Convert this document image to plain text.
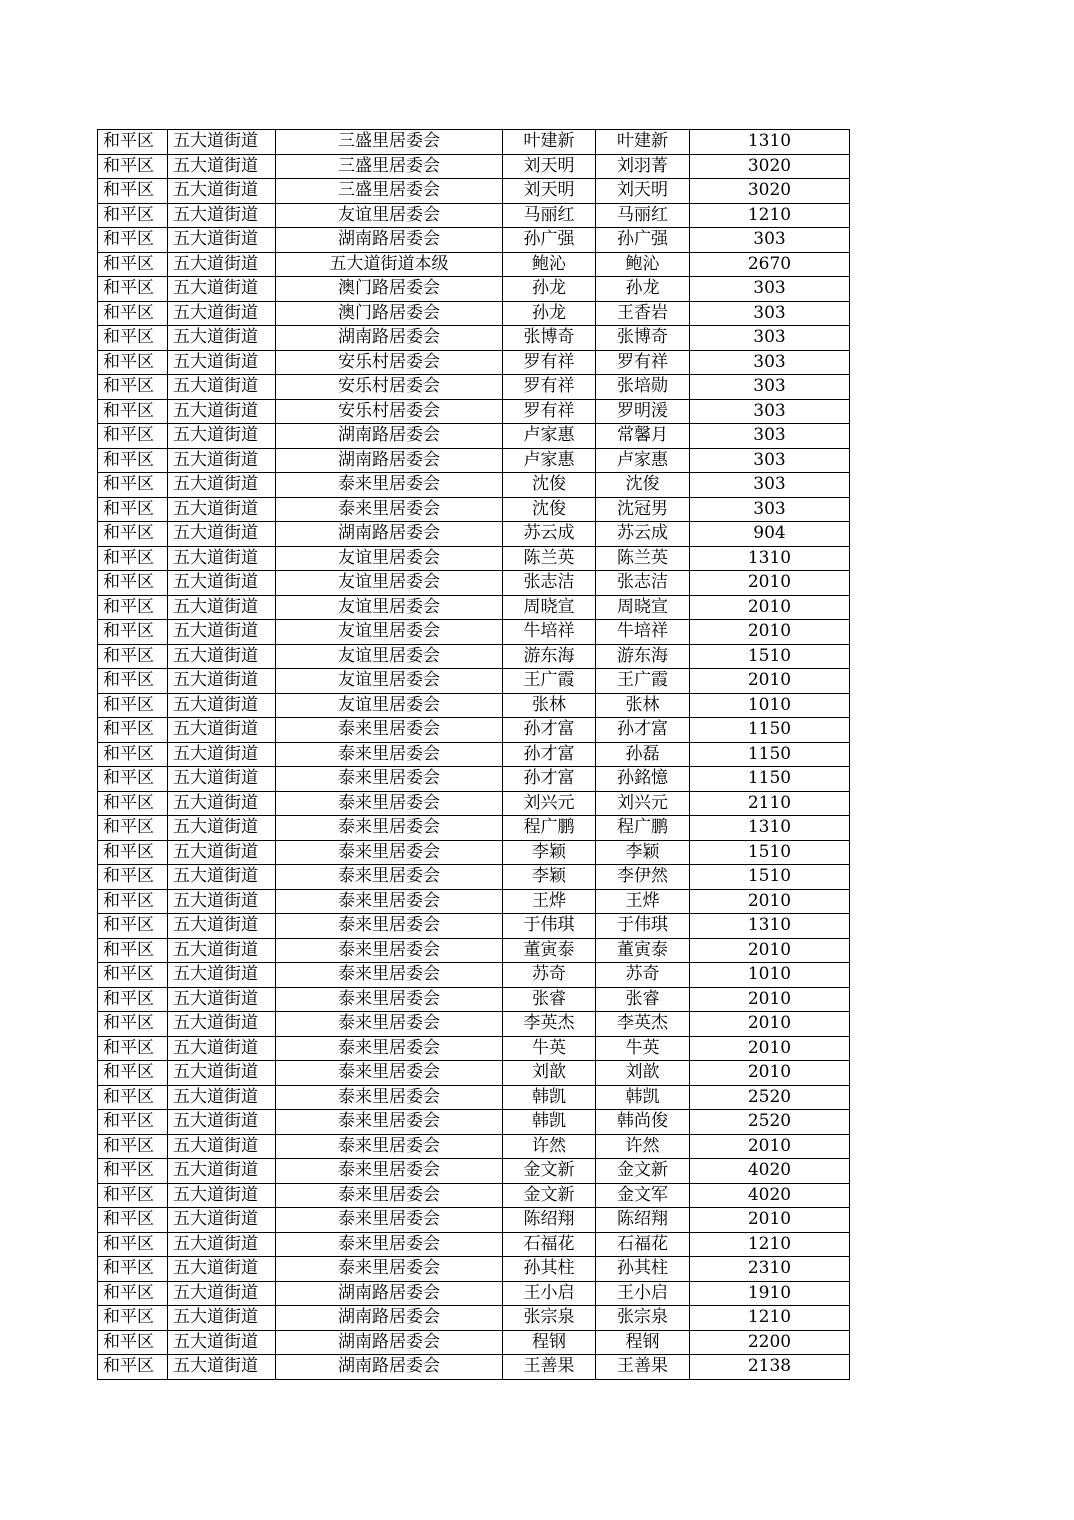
和平区	五大道街道	三盛里居委会	叶建新	叶建新	1310
和平区	五大道街道	三盛里居委会	刘天明	刘羽菁	3020
和平区	五大道街道	三盛里居委会	刘天明	刘天明	3020
和平区	五大道街道	友谊里居委会	马丽红	马丽红	1210
和平区	五大道街道	湖南路居委会	孙广强	孙广强	303
和平区	五大道街道	五大道街道本级	鲍沁	鲍沁	2670
和平区	五大道街道	澳门路居委会	孙龙	孙龙	303
和平区	五大道街道	澳门路居委会	孙龙	王香岩	303
和平区	五大道街道	湖南路居委会	张博奇	张博奇	303
和平区	五大道街道	安乐村居委会	罗有祥	罗有祥	303
和平区	五大道街道	安乐村居委会	罗有祥	张培勋	303
和平区	五大道街道	安乐村居委会	罗有祥	罗明湲	303
和平区	五大道街道	湖南路居委会	卢家惠	常馨月	303
和平区	五大道街道	湖南路居委会	卢家惠	卢家惠	303
和平区	五大道街道	泰来里居委会	沈俊	沈俊	303
和平区	五大道街道	泰来里居委会	沈俊	沈冠男	303
和平区	五大道街道	湖南路居委会	苏云成	苏云成	904
和平区	五大道街道	友谊里居委会	陈兰英	陈兰英	1310
和平区	五大道街道	友谊里居委会	张志洁	张志洁	2010
和平区	五大道街道	友谊里居委会	周晓宣	周晓宣	2010
和平区	五大道街道	友谊里居委会	牛培祥	牛培祥	2010
和平区	五大道街道	友谊里居委会	游东海	游东海	1510
和平区	五大道街道	友谊里居委会	王广霞	王广霞	2010
和平区	五大道街道	友谊里居委会	张林	张林	1010
和平区	五大道街道	泰来里居委会	孙才富	孙才富	1150
和平区	五大道街道	泰来里居委会	孙才富	孙磊	1150
和平区	五大道街道	泰来里居委会	孙才富	孙銘憶	1150
和平区	五大道街道	泰来里居委会	刘兴元	刘兴元	2110
和平区	五大道街道	泰来里居委会	程广鹏	程广鹏	1310
和平区	五大道街道	泰来里居委会	李颖	李颖	1510
和平区	五大道街道	泰来里居委会	李颖	李伊然	1510
和平区	五大道街道	泰来里居委会	王烨	王烨	2010
和平区	五大道街道	泰来里居委会	于伟琪	于伟琪	1310
和平区	五大道街道	泰来里居委会	董寅泰	董寅泰	2010
和平区	五大道街道	泰来里居委会	苏奇	苏奇	1010
和平区	五大道街道	泰来里居委会	张睿	张睿	2010
和平区	五大道街道	泰来里居委会	李英杰	李英杰	2010
和平区	五大道街道	泰来里居委会	牛英	牛英	2010
和平区	五大道街道	泰来里居委会	刘歆	刘歆	2010
和平区	五大道街道	泰来里居委会	韩凯	韩凯	2520
和平区	五大道街道	泰来里居委会	韩凯	韩尚俊	2520
和平区	五大道街道	泰来里居委会	许然	许然	2010
和平区	五大道街道	泰来里居委会	金文新	金文新	4020
和平区	五大道街道	泰来里居委会	金文新	金文军	4020
和平区	五大道街道	泰来里居委会	陈绍翔	陈绍翔	2010
和平区	五大道街道	泰来里居委会	石福花	石福花	1210
和平区	五大道街道	泰来里居委会	孙其柱	孙其柱	2310
和平区	五大道街道	湖南路居委会	王小启	王小启	1910
和平区	五大道街道	湖南路居委会	张宗泉	张宗泉	1210
和平区	五大道街道	湖南路居委会	程钢	程钢	2200
和平区	五大道街道	湖南路居委会	王善果	王善果	2138
